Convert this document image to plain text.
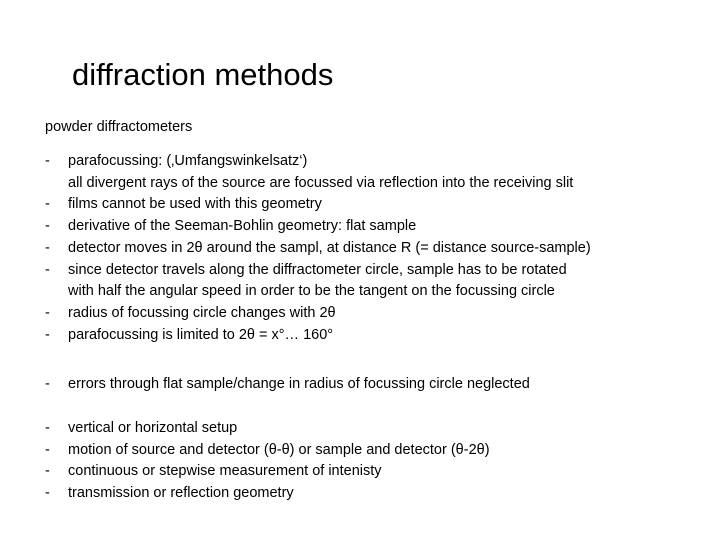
diffraction methods
powder diffractometers
- parafocussing: (‚Umfangswinkelsatz‘)
all divergent rays of the source are focussed via reflection into the receiving slit
- films cannot be used with this geometry
- derivative of the Seeman-Bohlin geometry: flat sample
- detector moves in 2θ around the sampl, at distance R (= distance source-sample)
- since detector travels along the diffractometer circle, sample has to be rotated
with half the angular speed in order to be the tangent on the focussing circle
- radius of focussing circle changes with 2θ
- parafocussing is limited to 2θ = x°… 160°
- errors through flat sample/change in radius of focussing circle neglected
- vertical or horizontal setup
- motion of source and detector (θ-θ) or sample and detector (θ-2θ)
- continuous or stepwise measurement of intenisty
- transmission or reflection geometry
